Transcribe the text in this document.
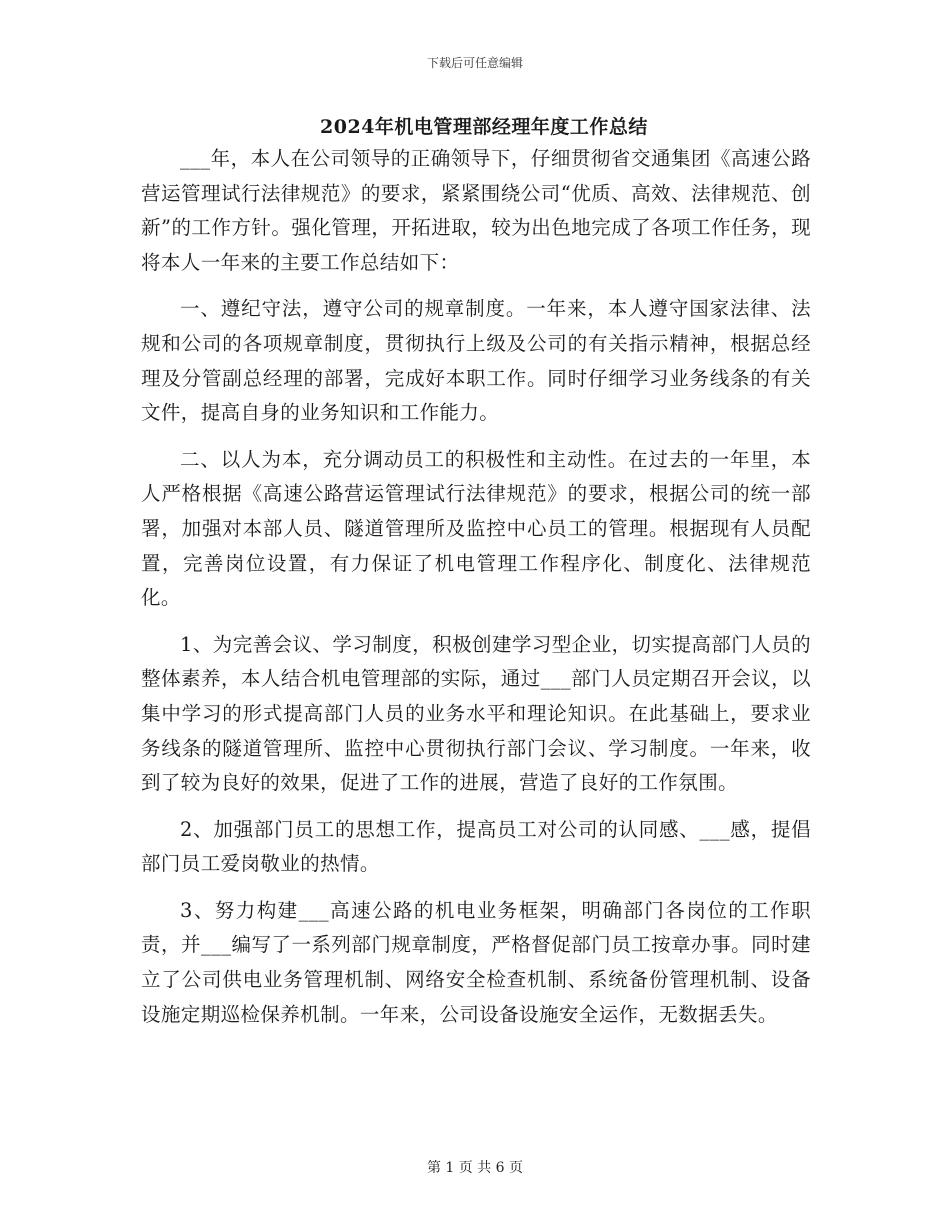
下载后可任意编辑
2024年机电管理部经理年度工作总结

___年，本人在公司领导的正确领导下，仔细贯彻省交通集团《高速公路营运管理试行法律规范》的要求，紧紧围绕公司“优质、高效、法律规范、创新”的工作方针。强化管理，开拓进取，较为出色地完成了各项工作任务，现将本人一年来的主要工作总结如下：

一、遵纪守法，遵守公司的规章制度。一年来，本人遵守国家法律、法规和公司的各项规章制度，贯彻执行上级及公司的有关指示精神，根据总经理及分管副总经理的部署，完成好本职工作。同时仔细学习业务线条的有关文件，提高自身的业务知识和工作能力。

二、以人为本，充分调动员工的积极性和主动性。在过去的一年里，本人严格根据《高速公路营运管理试行法律规范》的要求，根据公司的统一部署，加强对本部人员、隧道管理所及监控中心员工的管理。根据现有人员配置，完善岗位设置，有力保证了机电管理工作程序化、制度化、法律规范化。

1、为完善会议、学习制度，积极创建学习型企业，切实提高部门人员的整体素养，本人结合机电管理部的实际，通过___部门人员定期召开会议，以集中学习的形式提高部门人员的业务水平和理论知识。在此基础上，要求业务线条的隧道管理所、监控中心贯彻执行部门会议、学习制度。一年来，收到了较为良好的效果，促进了工作的进展，营造了良好的工作氛围。

2、加强部门员工的思想工作，提高员工对公司的认同感、___感，提倡部门员工爱岗敬业的热情。

3、努力构建___高速公路的机电业务框架，明确部门各岗位的工作职责，并___编写了一系列部门规章制度，严格督促部门员工按章办事。同时建立了公司供电业务管理机制、网络安全检查机制、系统备份管理机制、设备设施定期巡检保养机制。一年来，公司设备设施安全运作，无数据丢失。

第 1 页 共 6 页
